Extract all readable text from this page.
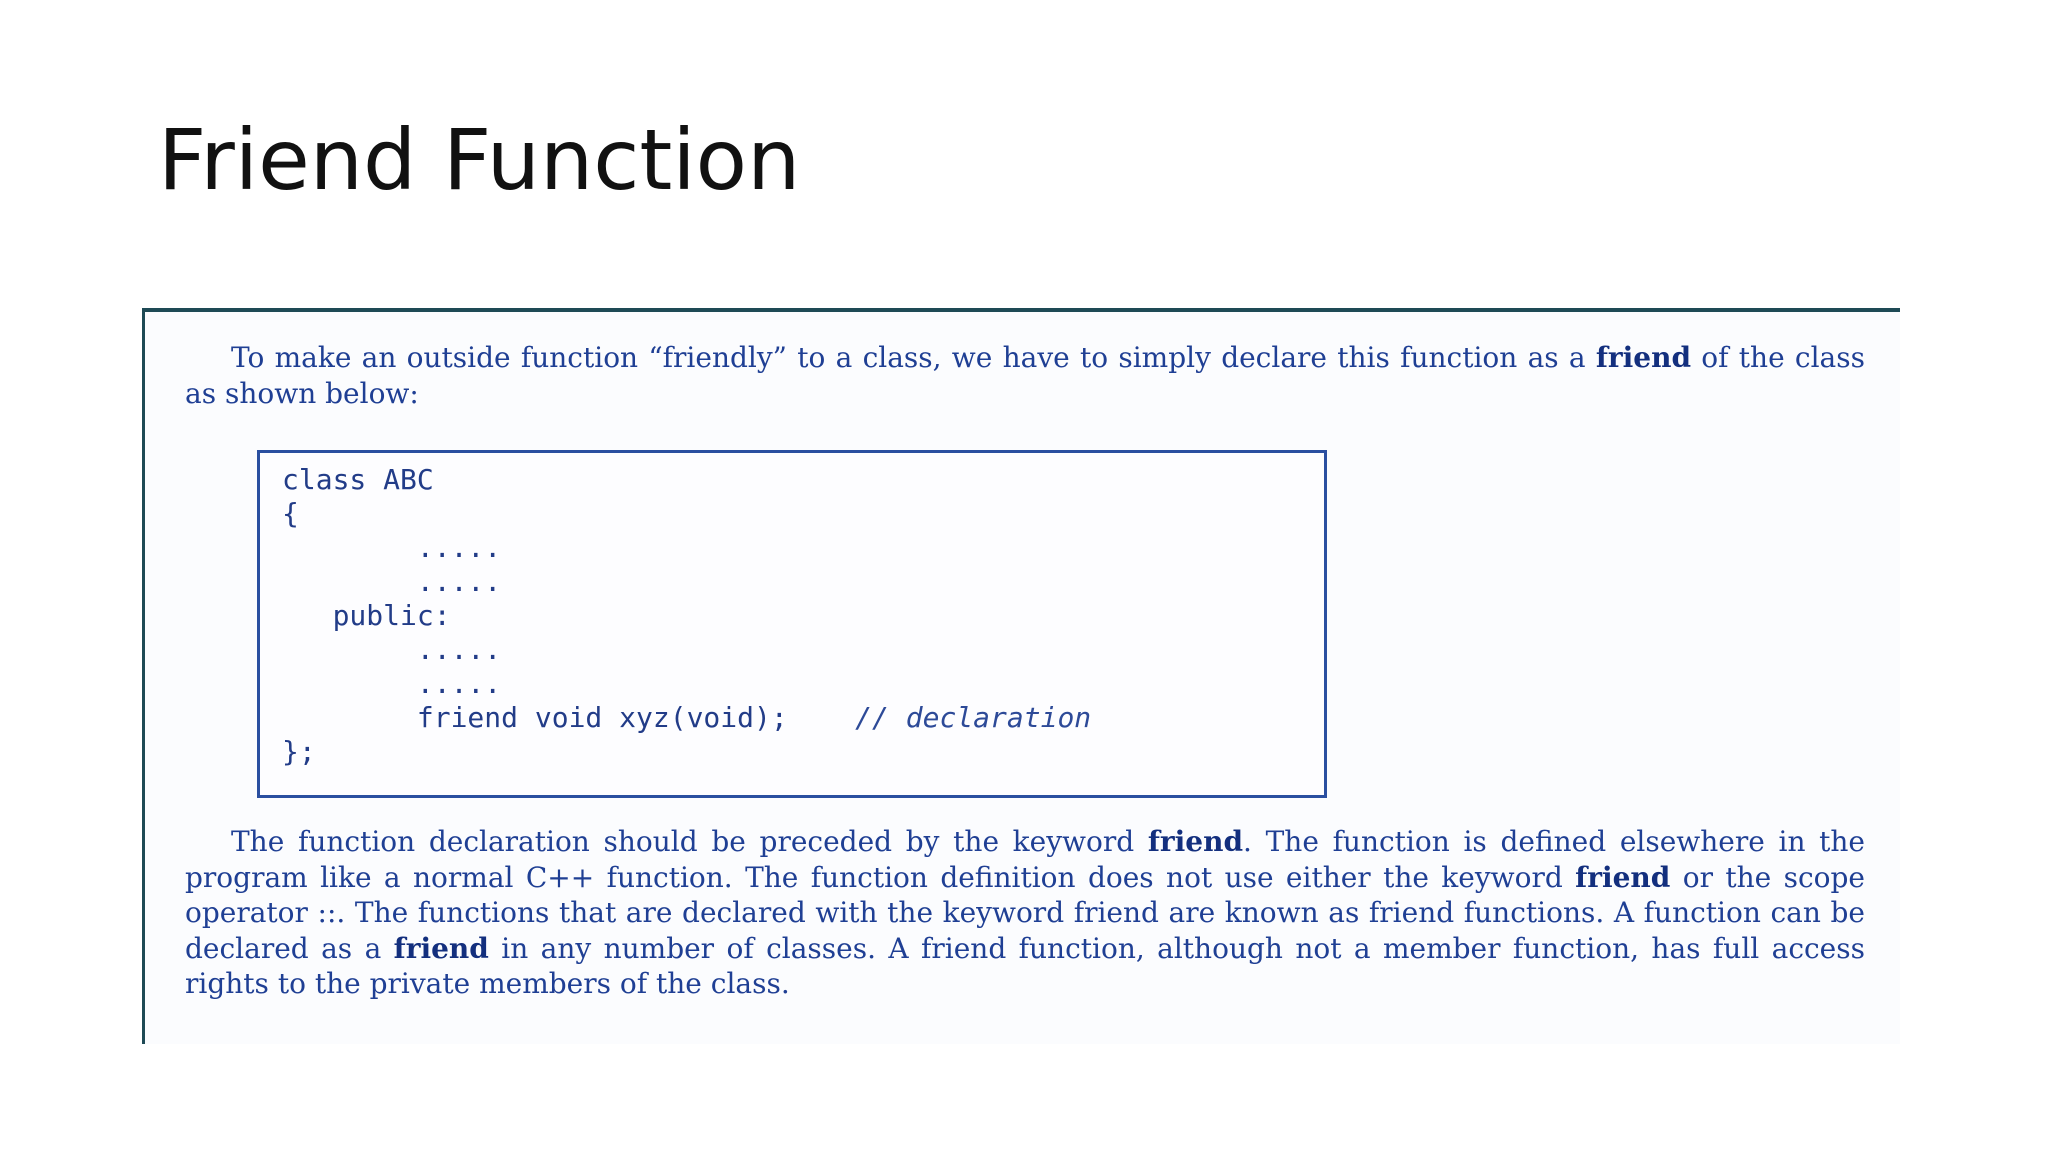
Friend Function

To make an outside function “friendly” to a class, we have to simply declare this function as a friend of the class as shown below:

class ABC
{
.....
.....
public:
.....
.....
friend void xyz(void);    // declaration
};

The function declaration should be preceded by the keyword friend. The function is defined elsewhere in the program like a normal C++ function. The function definition does not use either the keyword friend or the scope operator ::. The functions that are declared with the keyword friend are known as friend functions. A function can be declared as a friend in any number of classes. A friend function, although not a member function, has full access rights to the private members of the class.
